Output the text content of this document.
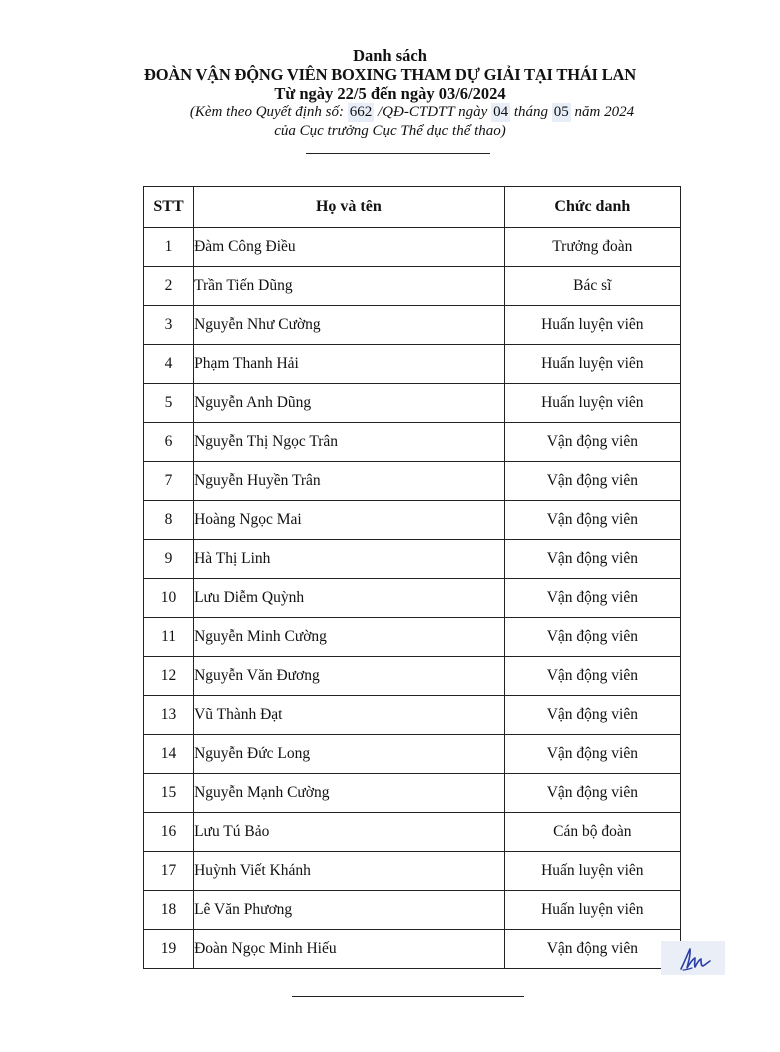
Danh sách

ĐOÀN VẬN ĐỘNG VIÊN BOXING THAM DỰ GIẢI TẠI THÁI LAN

Từ ngày 22/5 đến ngày 03/6/2024

(Kèm theo Quyết định số: 662 /QĐ-CTDTT ngày 04 tháng 05 năm 2024

của Cục trưởng Cục Thể dục thể thao)

STT	Họ và tên	Chức danh
1	Đàm Công Điều	Trưởng đoàn
2	Trần Tiến Dũng	Bác sĩ
3	Nguyễn Như Cường	Huấn luyện viên
4	Phạm Thanh Hải	Huấn luyện viên
5	Nguyễn Anh Dũng	Huấn luyện viên
6	Nguyễn Thị Ngọc Trân	Vận động viên
7	Nguyễn Huyền Trân	Vận động viên
8	Hoàng Ngọc Mai	Vận động viên
9	Hà Thị Linh	Vận động viên
10	Lưu Diễm Quỳnh	Vận động viên
11	Nguyễn Minh Cường	Vận động viên
12	Nguyễn Văn Đương	Vận động viên
13	Vũ Thành Đạt	Vận động viên
14	Nguyễn Đức Long	Vận động viên
15	Nguyễn Mạnh Cường	Vận động viên
16	Lưu Tú Bảo	Cán bộ đoàn
17	Huỳnh Viết Khánh	Huấn luyện viên
18	Lê Văn Phương	Huấn luyện viên
19	Đoàn Ngọc Minh Hiếu	Vận động viên
